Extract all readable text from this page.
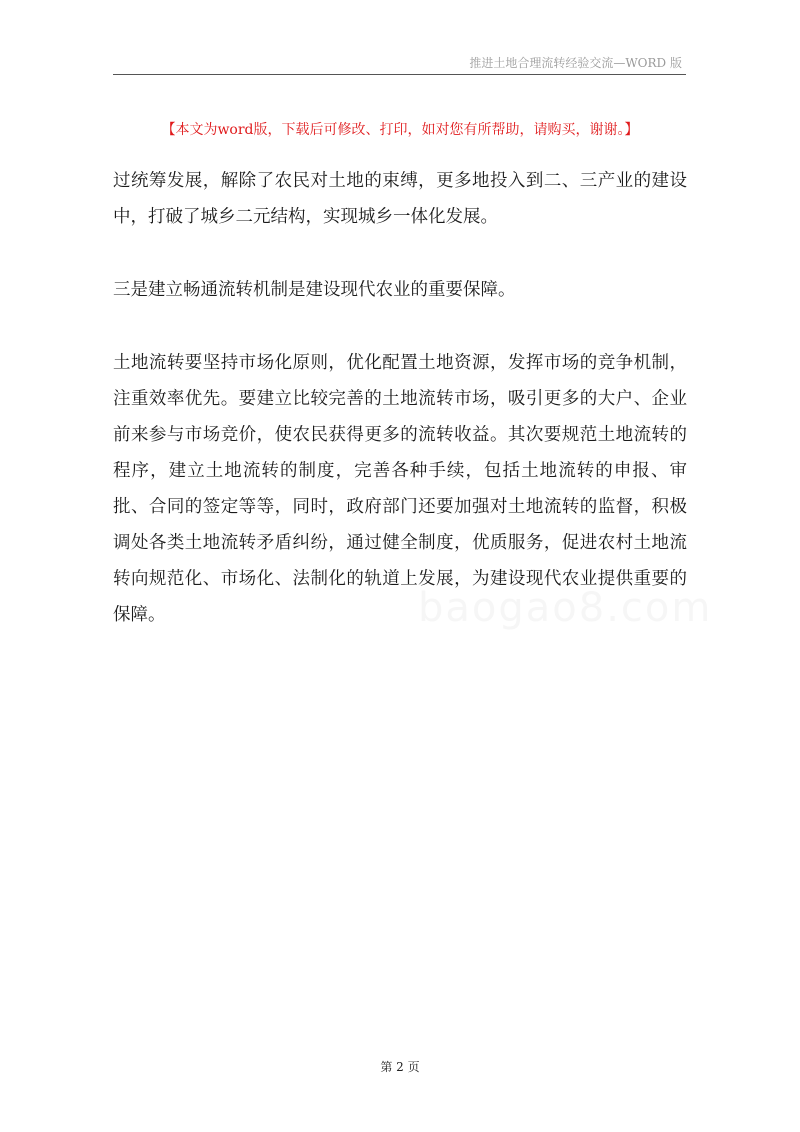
推进土地合理流转经验交流—WORD 版
【本文为word版，下载后可修改、打印，如对您有所帮助，请购买，谢谢。】

过统筹发展，解除了农民对土地的束缚，更多地投入到二、三产业的建设中，打破了城乡二元结构，实现城乡一体化发展。

三是建立畅通流转机制是建设现代农业的重要保障。

土地流转要坚持市场化原则，优化配置土地资源，发挥市场的竞争机制，注重效率优先。要建立比较完善的土地流转市场，吸引更多的大户、企业前来参与市场竞价，使农民获得更多的流转收益。其次要规范土地流转的程序，建立土地流转的制度，完善各种手续，包括土地流转的申报、审批、合同的签定等等，同时，政府部门还要加强对土地流转的监督，积极调处各类土地流转矛盾纠纷，通过健全制度，优质服务，促进农村土地流转向规范化、市场化、法制化的轨道上发展，为建设现代农业提供重要的保障。	baogao8.com
第 2 页
